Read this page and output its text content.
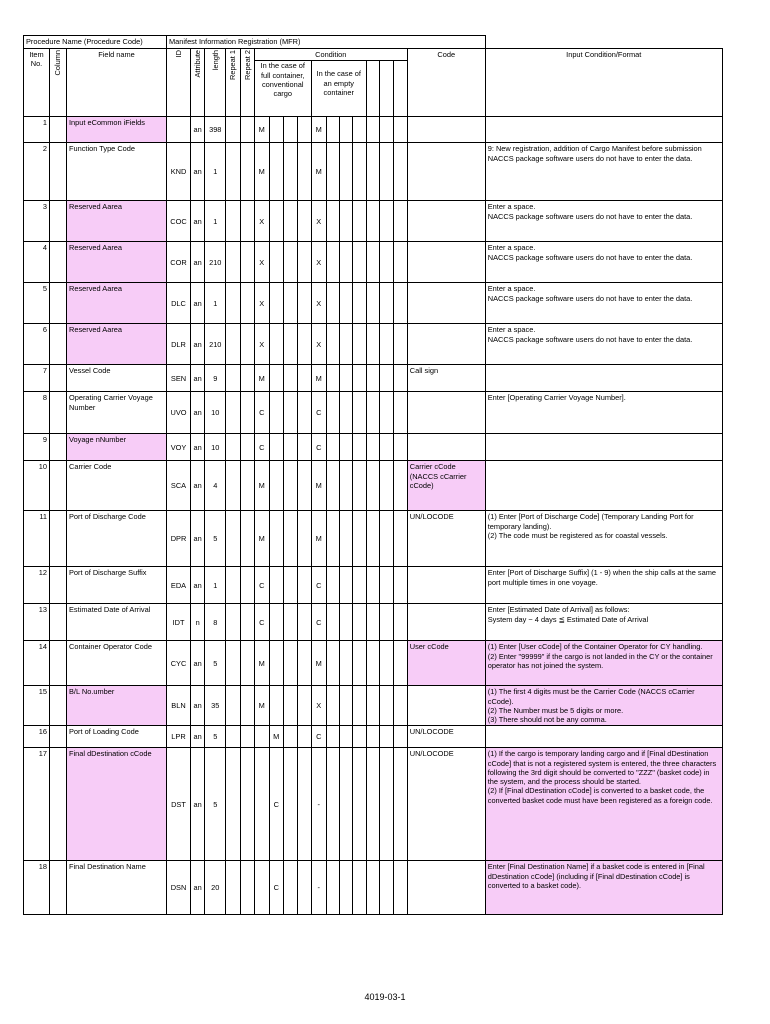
Procedure Name (Procedure Code)			Manifest Information Registration (MFR)																	
Item No.	Column	Field name	ID	Attribute	length	Repeat 1	Repeat 2	Condition											Code	Input Condition/Format
								In the case of full container, conventional cargo				In the case of an empty container								
1		Input eCommon iFields		an	398			M				M								
2		Function Type Code	KND	an	1			M				M								9: New registration, addition of Cargo Manifest before submission
NACCS package software users do not have to enter the data.
3		Reserved Aarea	COC	an	1			X				X								Enter a space.
NACCS package software users do not have to enter the data.
4		Reserved Aarea	COR	an	210			X				X								Enter a space.
NACCS package software users do not have to enter the data.
5		Reserved Aarea	DLC	an	1			X				X								Enter a space.
NACCS package software users do not have to enter the data.
6		Reserved Aarea	DLR	an	210			X				X								Enter a space.
NACCS package software users do not have to enter the data.
7		Vessel Code	SEN	an	9			M				M							Call sign	
8		Operating Carrier Voyage Number	UVO	an	10			C				C								Enter [Operating Carrier Voyage Number].
9		Voyage nNumber	VOY	an	10			C				C								
10		Carrier Code	SCA	an	4			M				M							Carrier cCode (NACCS cCarrier cCode)	
11		Port of Discharge Code	DPR	an	5			M				M							UN/LOCODE	(1) Enter [Port of Discharge Code] (Temporary Landing Port for temporary landing).
(2) The code must be registered as for coastal vessels.
12		Port of Discharge Suffix	EDA	an	1			C				C								Enter [Port of Discharge Suffix] (1 - 9) when the ship calls at the same port multiple times in one voyage.
13		Estimated Date of Arrival	IDT	n	8			C				C								Enter [Estimated Date of Arrival] as follows:
System day − 4 days ≦ Estimated Date of Arrival
14		Container Operator Code	CYC	an	5			M				M							User cCode	(1) Enter [User cCode] of the Container Operator for CY handling.
(2) Enter "99999" if the cargo is not landed in the CY or the container operator has not joined the system.
15		B/L No.umber	BLN	an	35			M				X								(1) The first 4 digits must be the Carrier Code (NACCS cCarrier cCode).
(2) The Number must be 5 digits or more.
(3) There should not be any comma.
16		Port of Loading Code	LPR	an	5				M			C							UN/LOCODE	
17		Final dDestination cCode	DST	an	5				C			-							UN/LOCODE	(1) If the cargo is temporary landing cargo and if [Final dDestination cCode] that is not a registered system is entered, the three characters following the 3rd digit should be converted to "ZZZ" (basket code) in the system, and the process should be started.
(2) If [Final dDestination cCode] is converted to a basket code, the converted basket code must have been registered as a foreign code.
18		Final Destination Name	DSN	an	20				C			-								Enter [Final Destination Name] if a basket code is entered in [Final dDestination cCode] (including if [Final dDestination cCode] is converted to a basket code).
4019-03-1
